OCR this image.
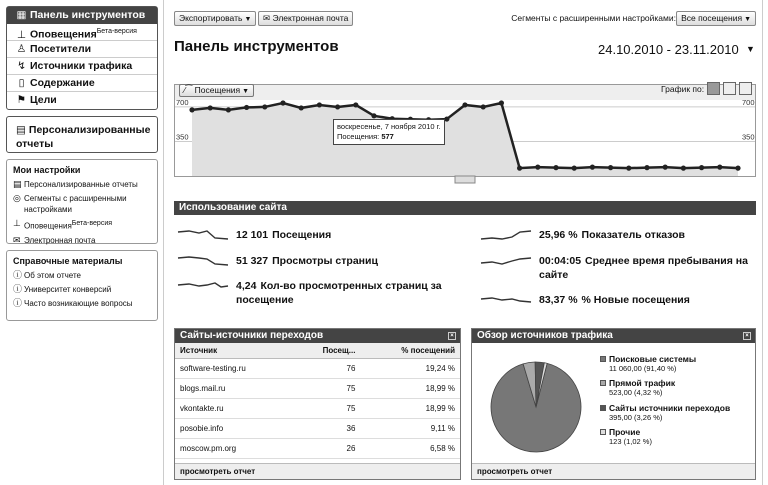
▦ Панель инструментов
⊥ Оповещения$^{Бета-версия}$
♙ Посетители
↯ Источники трафика
▯ Содержание
⚑ Цели
▤ Персонализированные отчеты
Мои настройки
▤ Персонализированные отчеты
◎ Сегменты с расширенными настройками
⊥ ОповещенияБета-версия
✉ Электронная почта
Справочные материалы
ⓘ Об этом отчете
ⓘ Университет конверсий
ⓘ Часто возникающие вопросы
Экспортировать ▼	✉ Электронная почта	Сегменты с расширенными настройками: Все посещения ▼
Панель инструментов	24.10.2010 - 23.11.2010 ▼
700	700
350	350
⁄⁀ Посещения ▼	График по:
воскресенье, 7 ноября 2010 г.
Посещения: 577
Использование сайта
12 101 Посещения
51 327 Просмотры страниц
4,24 Кол-во просмотренных страниц за посещение
25,96 % Показатель отказов
00:04:05 Среднее время пребывания на сайте
83,37 % % Новые посещения
Сайты-источники переходов	×
Источник	Посещ...	% посещений
software-testing.ru	76	19,24 %
blogs.mail.ru	75	18,99 %
vkontakte.ru	75	18,99 %
posobie.info	36	9,11 %
moscow.pm.org	26	6,58 %
просмотреть отчет
Обзор источников трафика	×
Поисковые системы
11 060,00 (91,40 %)
Прямой трафик
523,00 (4,32 %)
Сайты источники переходов
395,00 (3,26 %)
Прочие
123 (1,02 %)
просмотреть отчет
